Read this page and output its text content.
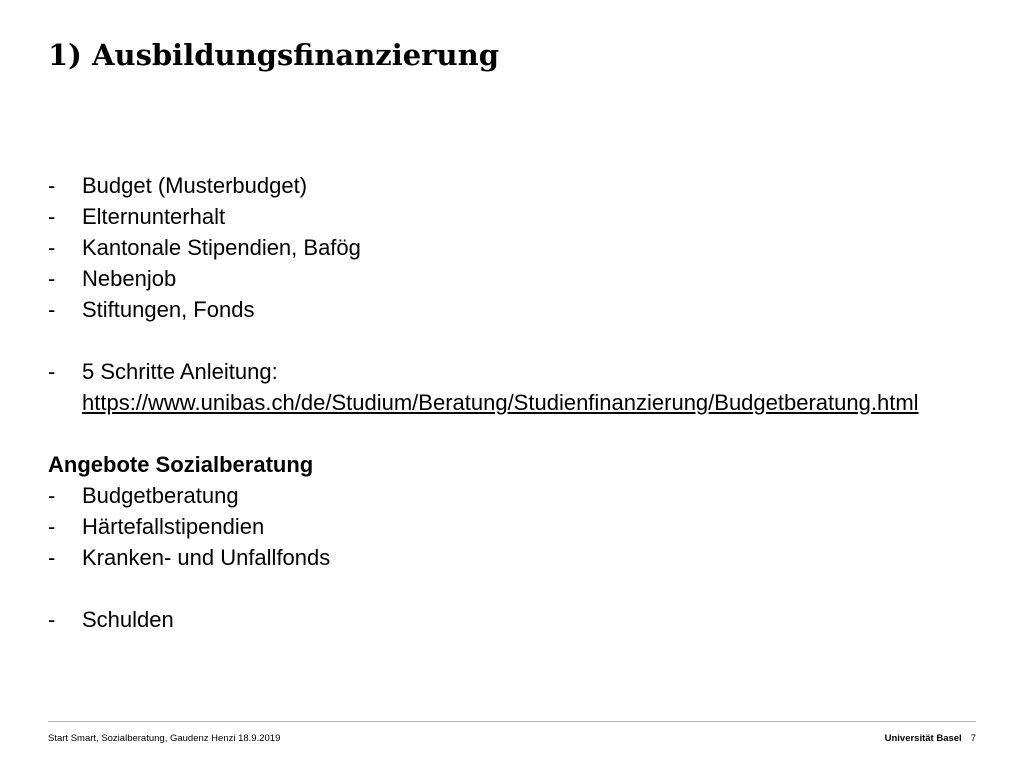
1) Ausbildungsfinanzierung
-	Budget (Musterbudget)
-	Elternunterhalt
-	Kantonale Stipendien, Bafög
-	Nebenjob
-	Stiftungen, Fonds
-	5 Schritte Anleitung:
https://www.unibas.ch/de/Studium/Beratung/Studienfinanzierung/Budgetberatung.html
Angebote Sozialberatung
-	Budgetberatung
-	Härtefallstipendien
-	Kranken- und Unfallfonds
-	Schulden
Start Smart, Sozialberatung, Gaudenz Henzi 18.9.2019	Universität Basel 7
